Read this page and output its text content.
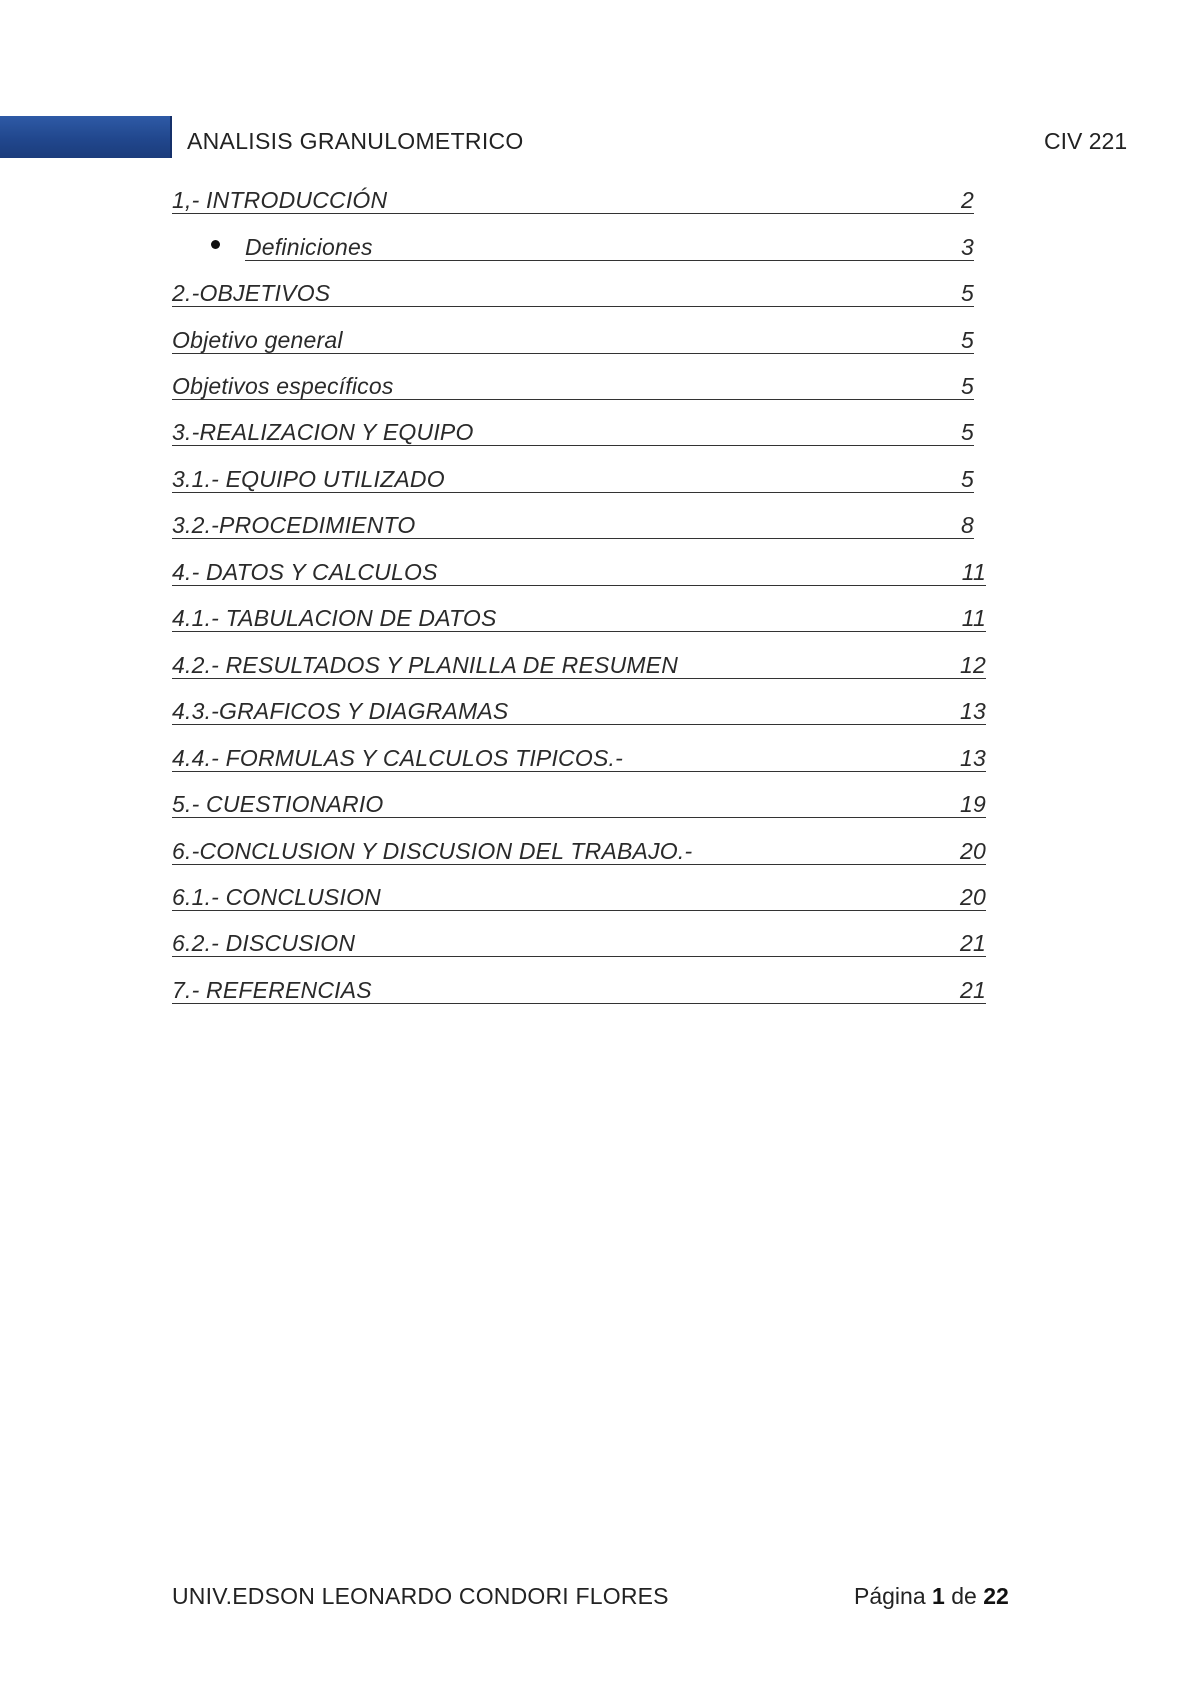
ANALISIS GRANULOMETRICO	CIV 221
1,- INTRODUCCIÓN	2
Definiciones	3
2.-OBJETIVOS	5
Objetivo general	5
Objetivos específicos	5
3.-REALIZACION Y EQUIPO	5
3.1.- EQUIPO UTILIZADO	5
3.2.-PROCEDIMIENTO	8
4.- DATOS Y CALCULOS	11
4.1.- TABULACION DE DATOS	11
4.2.- RESULTADOS Y PLANILLA DE RESUMEN	12
4.3.-GRAFICOS Y DIAGRAMAS	13
4.4.- FORMULAS Y CALCULOS TIPICOS.-	13
5.- CUESTIONARIO	19
6.-CONCLUSION Y DISCUSION DEL TRABAJO.-	20
6.1.- CONCLUSION	20
6.2.- DISCUSION	21
7.- REFERENCIAS	21
UNIV.EDSON LEONARDO CONDORI FLORES	Página 1 de 22
